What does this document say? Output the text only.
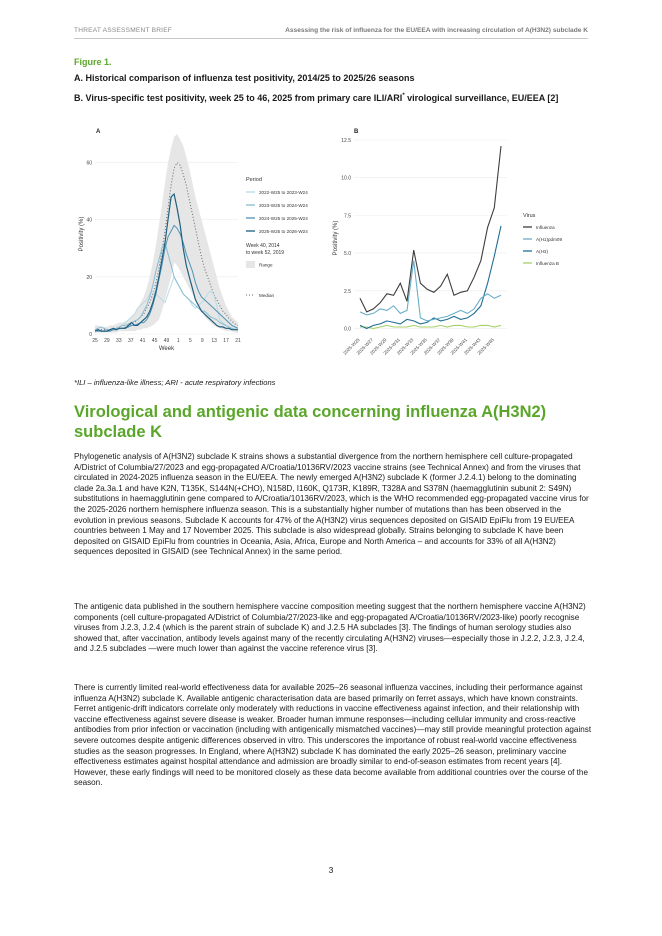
THREAT ASSESSMENT BRIEF	Assessing the risk of influenza for the EU/EEA with increasing circulation of A(H3N2) subclade K
Figure 1.
A. Historical comparison of influenza test positivity, 2014/25 to 2025/26 seasons
B. Virus-specific test positivity, week 25 to 46, 2025 from primary care ILI/ARI* virological surveillance, EU/EEA [2]
0
20
40
60
25 29 33 37 41 45 49 1 5 9 13 17 21
Week
Positivity (%)
A
Period
2022-W25 to 2023-W24
2023-W25 to 2024-W24
2024-W25 to 2025-W24
2025-W25 to 2026-W24
Week 40, 2014
to week 52, 2019
Range
Median
0.0
2.5
5.0
7.5
10.0
12.5
2025-W25
2025-W27
2025-W29
2025-W31
2025-W33
2025-W35
2025-W37
2025-W39
2025-W41
2025-W43
2025-W45
Positivity (%)
B
Virus
Influenza
A(H1)pdm09
A(H3)
Influenza B
*ILI – influenza-like illness; ARI - acute respiratory infections
Virological and antigenic data concerning influenza A(H3N2) subclade K

Phylogenetic analysis of A(H3N2) subclade K strains shows a substantial divergence from the northern hemisphere cell culture-propagated A/District of Columbia/27/2023 and egg-propagated A/Croatia/10136RV/2023 vaccine strains (see Technical Annex) and from the viruses that circulated in 2024-2025 influenza season in the EU/EEA. The newly emerged A(H3N2) subclade K (former J.2.4.1) belong to the dominating clade 2a.3a.1 and have K2N, T135K, S144N(+CHO), N158D, I160K, Q173R, K189R, T328A and S378N (haemagglutinin subunit 2: S49N) substitutions in haemagglutinin gene compared to A/Croatia/10136RV/2023, which is the WHO recommended egg-propagated vaccine virus for the 2025-2026 northern hemisphere influenza season. This is a substantially higher number of mutations than has been observed in the evolution in previous seasons. Subclade K accounts for 47% of the A(H3N2) virus sequences deposited on GISAID EpiFlu from 19 EU/EEA countries between 1 May and 17 November 2025. This subclade is also widespread globally. Strains belonging to subclade K have been deposited on GISAID EpiFlu from countries in Oceania, Asia, Africa, Europe and North America – and accounts for 33% of all A(H3N2) sequences deposited in GISAID (see Technical Annex) in the same period.

The antigenic data published in the southern hemisphere vaccine composition meeting suggest that the northern hemisphere vaccine A(H3N2) components (cell culture-propagated A/District of Columbia/27/2023-like and egg-propagated A/Croatia/10136RV/2023-like) poorly recognise viruses from J.2.3, J.2.4 (which is the parent strain of subclade K) and J.2.5 HA subclades [3]. The findings of human serology studies also showed that, after vaccination, antibody levels against many of the recently circulating A(H3N2) viruses—especially those in J.2.2, J.2.3, J.2.4, and J.2.5 subclades —were much lower than against the vaccine reference virus [3].

There is currently limited real-world effectiveness data for available 2025–26 seasonal influenza vaccines, including their performance against influenza A(H3N2) subclade K. Available antigenic characterisation data are based primarily on ferret assays, which have known constraints. Ferret antigenic-drift indicators correlate only moderately with reductions in vaccine effectiveness against infection, and their relationship with vaccine effectiveness against severe disease is weaker. Broader human immune responses—including cellular immunity and cross-reactive antibodies from prior infection or vaccination (including with antigenically mismatched vaccines)—may still provide meaningful protection against severe outcomes despite antigenic differences observed in vitro. This underscores the importance of robust real-world vaccine effectiveness studies as the season progresses. In England, where A(H3N2) subclade K has dominated the early 2025–26 season, preliminary vaccine effectiveness estimates against hospital attendance and admission are broadly similar to end-of-season estimates from recent years [4]. However, these early findings will need to be monitored closely as these data become available from additional countries over the course of the season.

3
